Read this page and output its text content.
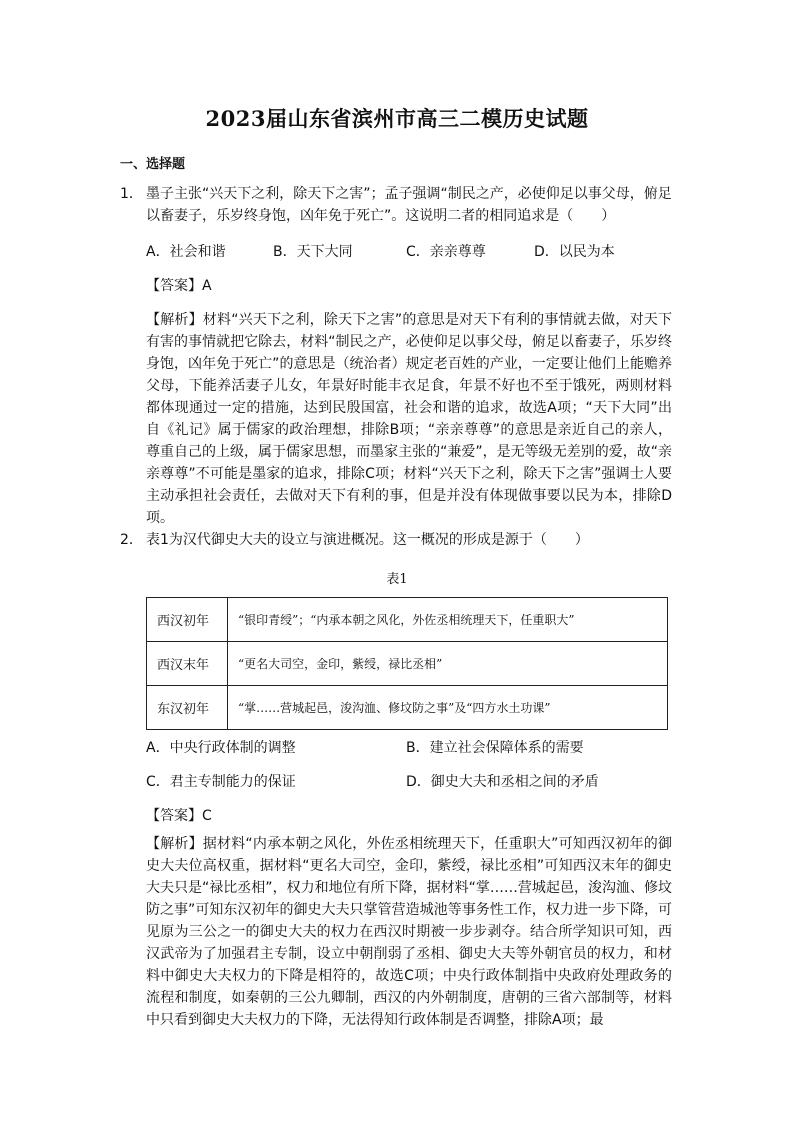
2023届山东省滨州市高三二模历史试题
一、选择题
1． 墨子主张“兴天下之利，除天下之害”；孟子强调“制民之产，必使仰足以事父母，俯足以畜妻子，乐岁终身饱，凶年免于死亡”。这说明二者的相同追求是（　　）
A．社会和谐	B．天下大同	C．亲亲尊尊	D．以民为本
【答案】A
【解析】材料“兴天下之利，除天下之害”的意思是对天下有利的事情就去做，对天下有害的事情就把它除去，材料“制民之产，必使仰足以事父母，俯足以畜妻子，乐岁终身饱，凶年免于死亡”的意思是（统治者）规定老百姓的产业，一定要让他们上能赡养父母，下能养活妻子儿女，年景好时能丰衣足食，年景不好也不至于饿死，两则材料都体现通过一定的措施，达到民殷国富，社会和谐的追求，故选A项；“天下大同”出自《礼记》属于儒家的政治理想，排除B项；“亲亲尊尊”的意思是亲近自己的亲人，尊重自己的上级，属于儒家思想，而墨家主张的“兼爱”，是无等级无差别的爱，故“亲亲尊尊”不可能是墨家的追求，排除C项；材料“兴天下之利，除天下之害”强调士人要主动承担社会责任，去做对天下有利的事，但是并没有体现做事要以民为本，排除D项。
2． 表1为汉代御史大夫的设立与演进概况。这一概况的形成是源于（　　）
表1
西汉初年	“银印青绶”；“内承本朝之风化，外佐丞相统理天下，任重职大”
西汉末年	“更名大司空，金印，紫绶，禄比丞相”
东汉初年	“掌……营城起邑，浚沟洫、修坟防之事”及“四方水土功课”
A．中央行政体制的调整	B．建立社会保障体系的需要
C．君主专制能力的保证	D．御史大夫和丞相之间的矛盾
【答案】C
【解析】据材料“内承本朝之风化，外佐丞相统理天下，任重职大”可知西汉初年的御史大夫位高权重，据材料“更名大司空，金印，紫绶，禄比丞相”可知西汉末年的御史大夫只是“禄比丞相”，权力和地位有所下降，据材料“掌……营城起邑，浚沟洫、修坟防之事”可知东汉初年的御史大夫只掌管营造城池等事务性工作，权力进一步下降，可见原为三公之一的御史大夫的权力在西汉时期被一步步剥夺。结合所学知识可知，西汉武帝为了加强君主专制，设立中朝削弱了丞相、御史大夫等外朝官员的权力，和材料中御史大夫权力的下降是相符的，故选C项；中央行政体制指中央政府处理政务的流程和制度，如秦朝的三公九卿制，西汉的内外朝制度，唐朝的三省六部制等，材料中只看到御史大夫权力的下降，无法得知行政体制是否调整，排除A项；最
